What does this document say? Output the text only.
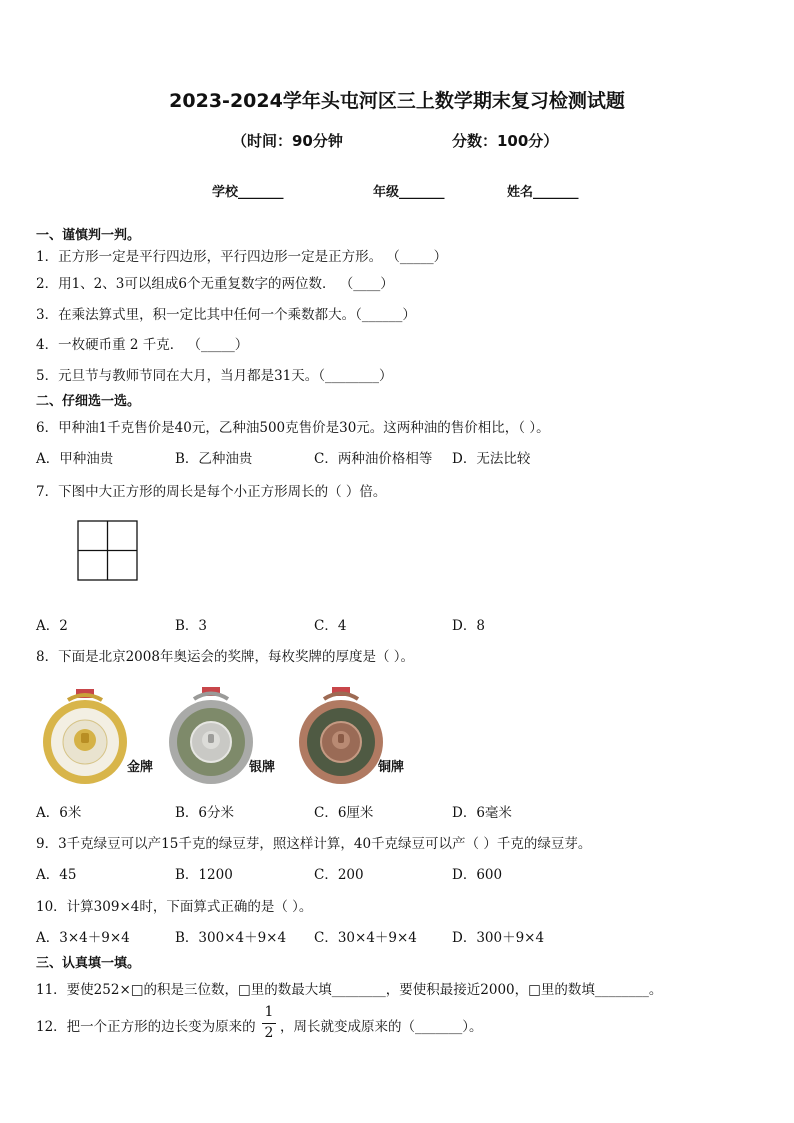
2023-2024学年头屯河区三上数学期末复习检测试题
（时间：90分钟	分数：100分）
学校_______	年级_______	姓名_______
一、谨慎判一判。
1．正方形一定是平行四边形，平行四边形一定是正方形。 （_____）
2．用1、2、3可以组成6个无重复数字的两位数． （____）
3．在乘法算式里，积一定比其中任何一个乘数都大。（______）
4．一枚硬币重 2 千克． （_____）
5．元旦节与教师节同在大月，当月都是31天。（________）
二、仔细选一选。
6．甲种油1千克售价是40元，乙种油500克售价是30元。这两种油的售价相比，（ ）。
A．甲种油贵	B．乙种油贵	C．两种油价格相等 D．无法比较
7．下图中大正方形的周长是每个小正方形周长的（ ）倍。
A．2	B．3	C．4	D．8
8．下面是北京2008年奥运会的奖牌，每枚奖牌的厚度是（ ）。
金牌	银牌	铜牌
A．6米	B．6分米	C．6厘米	D．6毫米
9．3千克绿豆可以产15千克的绿豆芽，照这样计算，40千克绿豆可以产（ ）千克的绿豆芽。
A．45	B．1200	C．200	D．600
10．计算309×4时，下面算式正确的是（ ）。
A．3×4＋9×4	B．300×4＋9×4 C．30×4＋9×4	D．300＋9×4
三、认真填一填。
11．要使252×□的积是三位数，□里的数最大填________，要使积最接近2000，□里的数填________。
12．把一个正方形的边长变为原来的
1
2 ，周长就变成原来的（_______）。
